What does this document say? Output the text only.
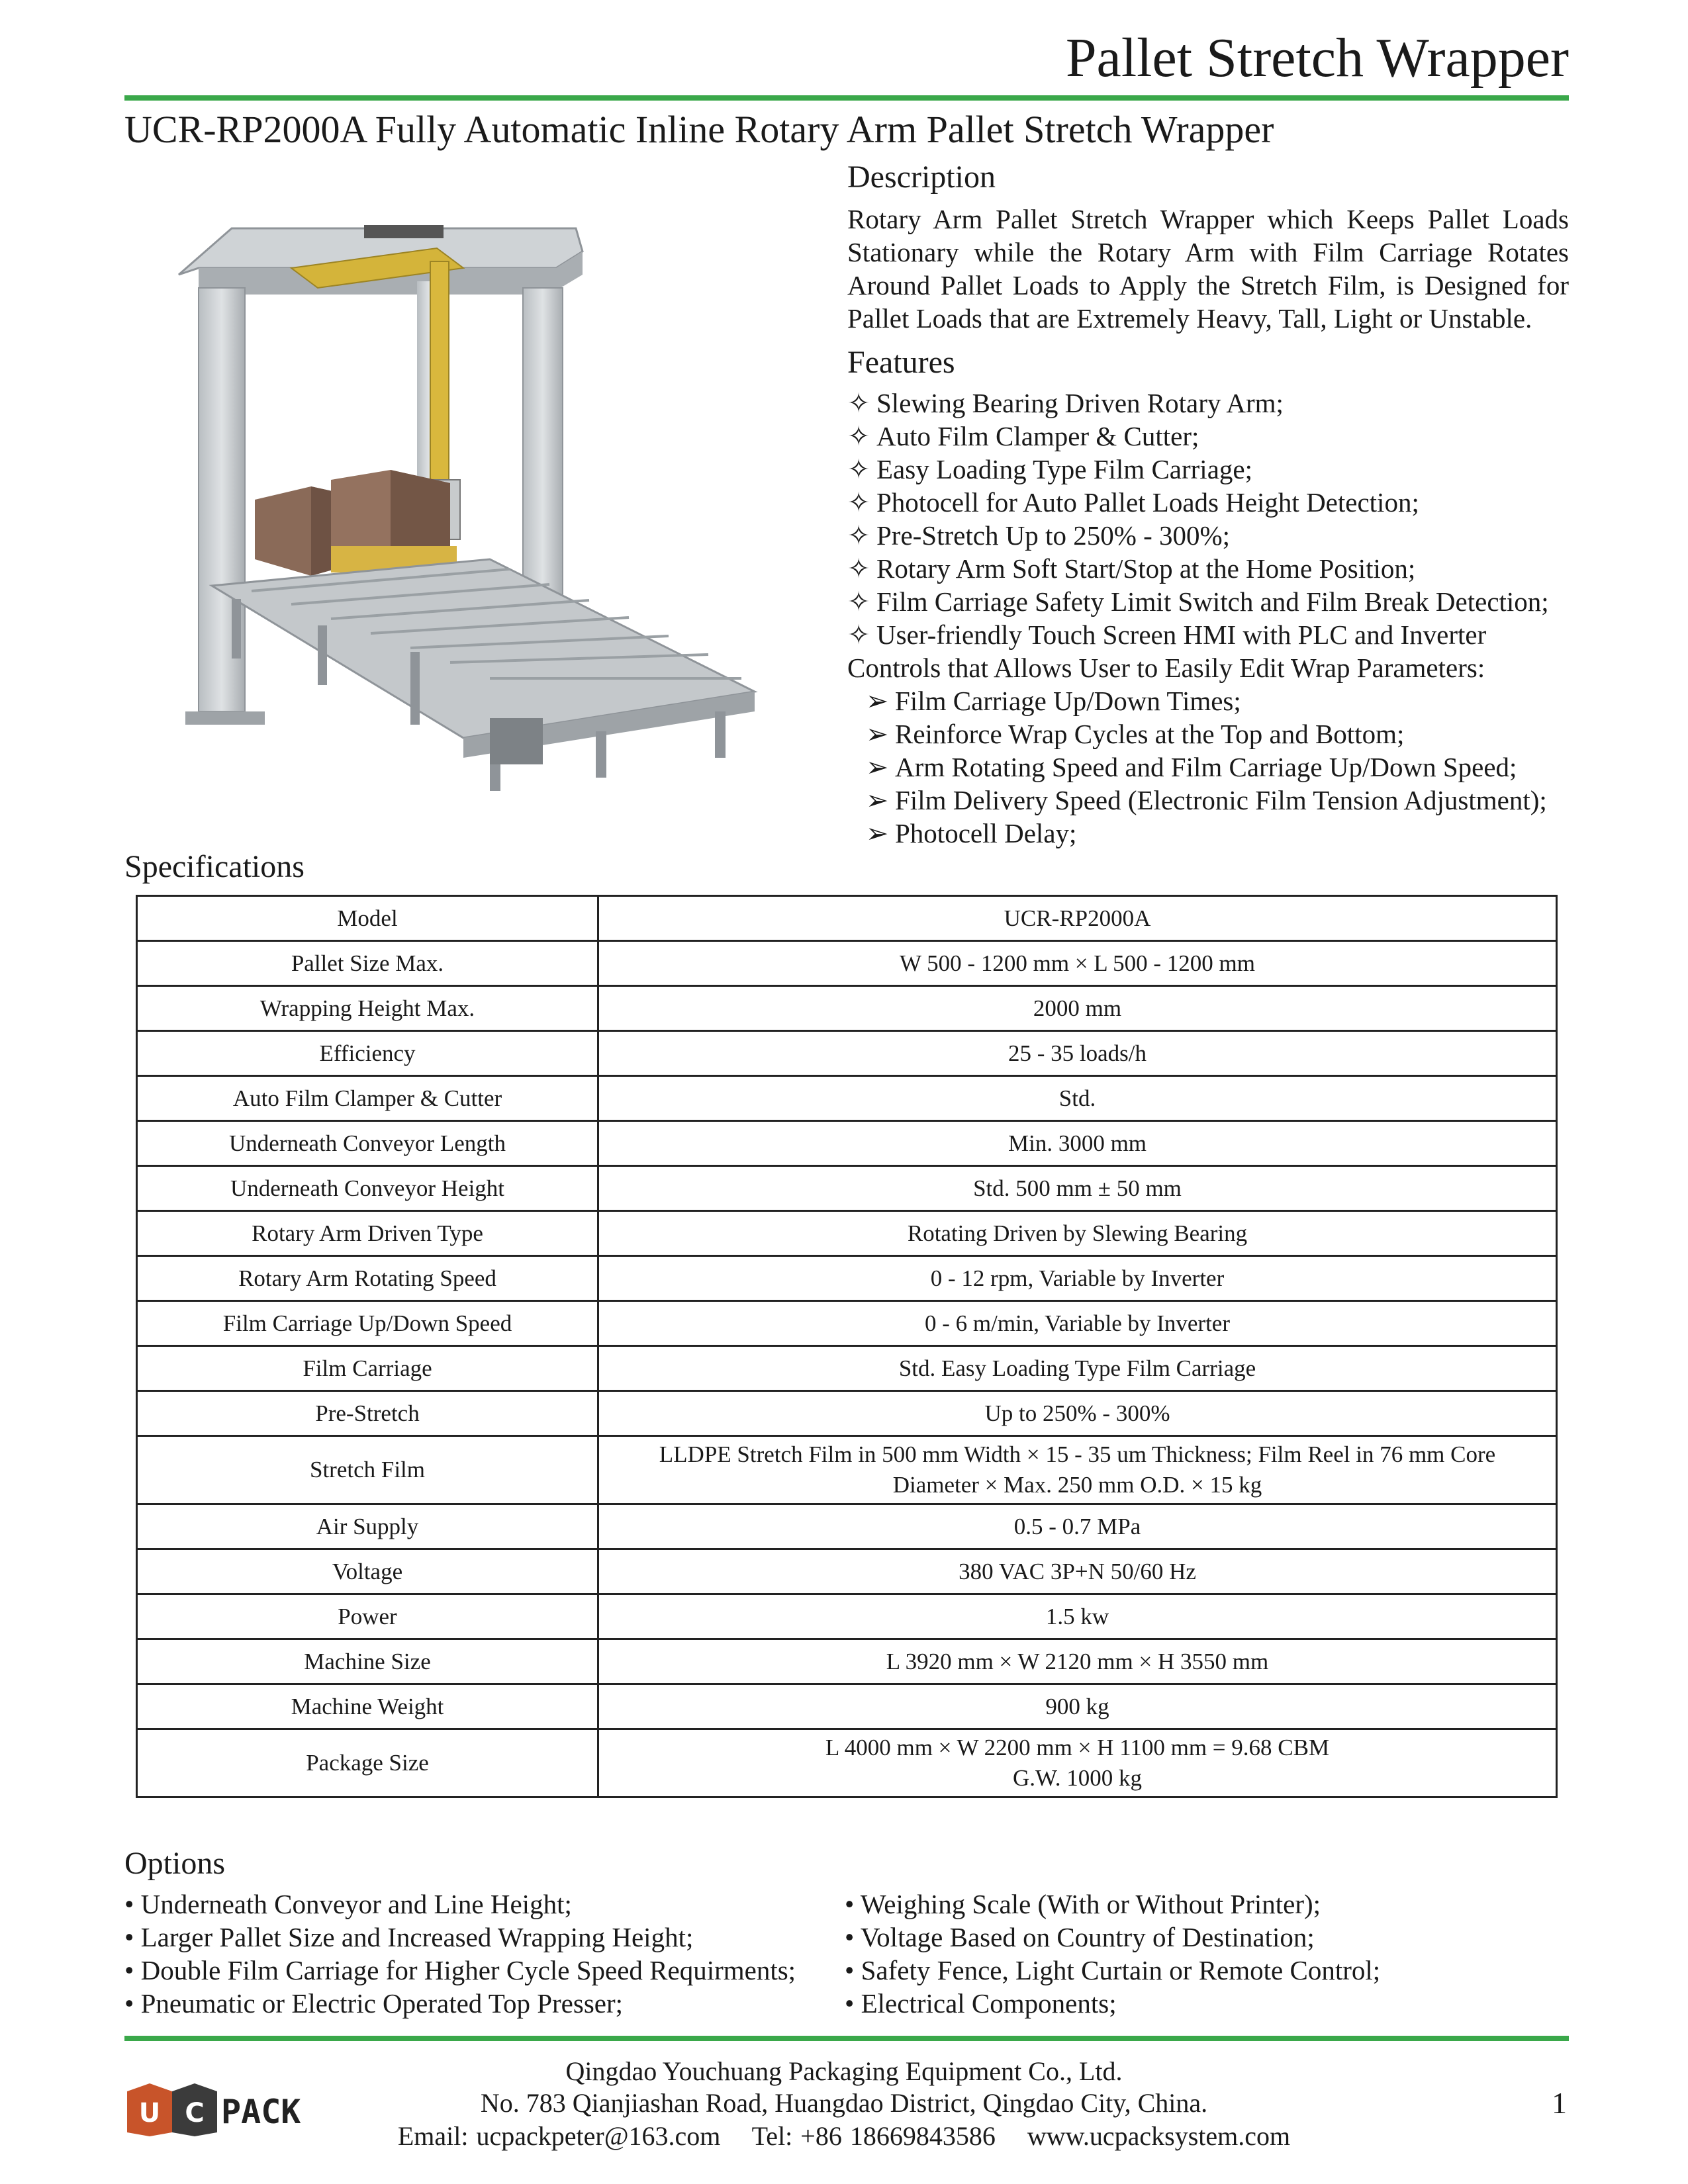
Pallet Stretch Wrapper
UCR-RP2000A Fully Automatic Inline Rotary Arm Pallet Stretch Wrapper
Description
Rotary Arm Pallet Stretch Wrapper which Keeps Pallet Loads Stationary while the Rotary Arm with Film Carriage Rotates Around Pallet Loads to Apply the Stretch Film, is Designed for Pallet Loads that are Extremely Heavy, Tall, Light or Unstable.
Features
✧ Slewing Bearing Driven Rotary Arm;
✧ Auto Film Clamper & Cutter;
✧ Easy Loading Type Film Carriage;
✧ Photocell for Auto Pallet Loads Height Detection;
✧ Pre-Stretch Up to 250% - 300%;
✧ Rotary Arm Soft Start/Stop at the Home Position;
✧ Film Carriage Safety Limit Switch and Film Break Detection;
✧ User-friendly Touch Screen HMI with PLC and Inverter
Controls that Allows User to Easily Edit Wrap Parameters:
➢ Film Carriage Up/Down Times;
➢ Reinforce Wrap Cycles at the Top and Bottom;
➢ Arm Rotating Speed and Film Carriage Up/Down Speed;
➢ Film Delivery Speed (Electronic Film Tension Adjustment);
➢ Photocell Delay;
Specifications
Model	UCR-RP2000A
Pallet Size Max.	W 500 - 1200 mm × L 500 - 1200 mm
Wrapping Height Max.	2000 mm
Efficiency	25 - 35 loads/h
Auto Film Clamper & Cutter	Std.
Underneath Conveyor Length	Min. 3000 mm
Underneath Conveyor Height	Std. 500 mm ± 50 mm
Rotary Arm Driven Type	Rotating Driven by Slewing Bearing
Rotary Arm Rotating Speed	0 - 12 rpm, Variable by Inverter
Film Carriage Up/Down Speed	0 - 6 m/min, Variable by Inverter
Film Carriage	Std. Easy Loading Type Film Carriage
Pre-Stretch	Up to 250% - 300%
Stretch Film	LLDPE Stretch Film in 500 mm Width × 15 - 35 um Thickness; Film Reel in 76 mm Core
Diameter × Max. 250 mm O.D. × 15 kg

Air Supply	0.5 - 0.7 MPa
Voltage	380 VAC 3P+N 50/60 Hz
Power	1.5 kw
Machine Size	L 3920 mm × W 2120 mm × H 3550 mm
Machine Weight	900 kg
Package Size	L 4000 mm × W 2200 mm × H 1100 mm = 9.68 CBM
G.W. 1000 kg
Options
• Underneath Conveyor and Line Height;
• Larger Pallet Size and Increased Wrapping Height;
• Double Film Carriage for Higher Cycle Speed Requirments;
• Pneumatic or Electric Operated Top Presser;
• Weighing Scale (With or Without Printer);
• Voltage Based on Country of Destination;
• Safety Fence, Light Curtain or Remote Control;
• Electrical Components;
U C PACK
Qingdao Youchuang Packaging Equipment Co., Ltd.
No. 783 Qianjiashan Road, Huangdao District, Qingdao City, China.
Email: ucpackpeter@163.com    Tel: +86 18669843586    www.ucpacksystem.com
1
